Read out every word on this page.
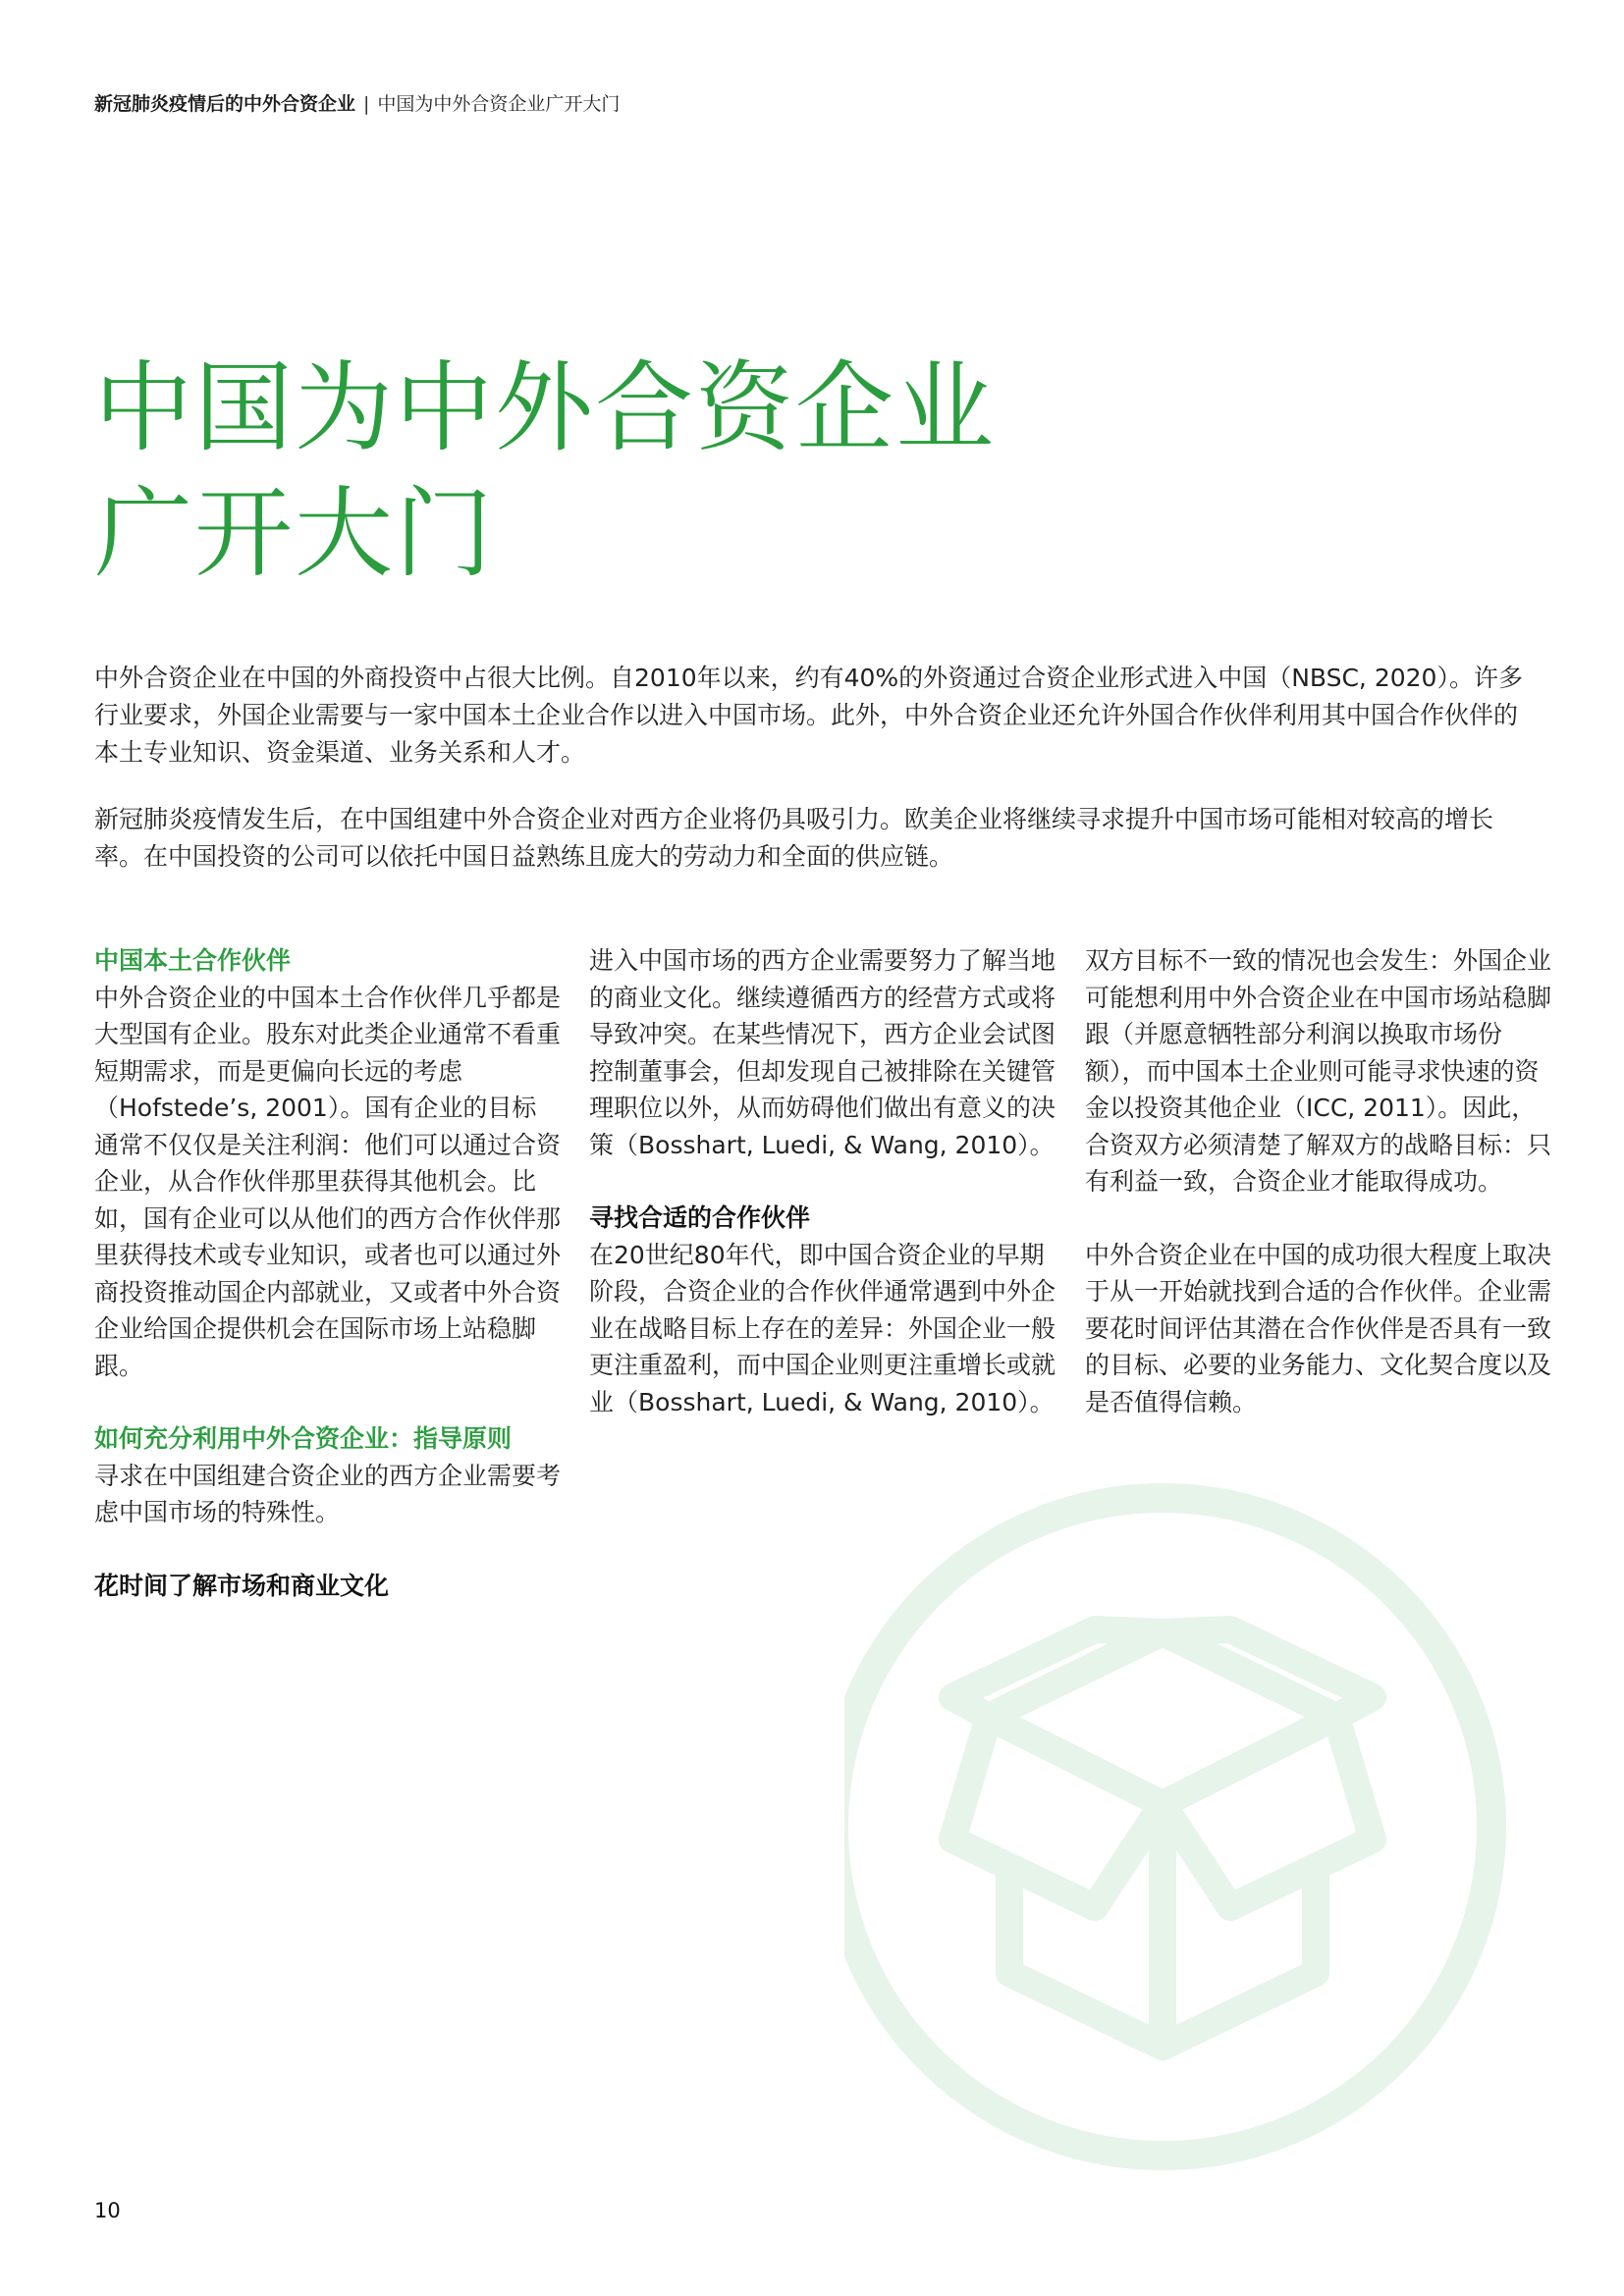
新冠肺炎疫情后的中外合资企业 | 中国为中外合资企业广开大门
中国为中外合资企业
广开大门

中外合资企业在中国的外商投资中占很大比例。自2010年以来，约有40%的外资通过合资企业形式进入中国（NBSC, 2020）。许多行业要求，外国企业需要与一家中国本土企业合作以进入中国市场。此外，中外合资企业还允许外国合作伙伴利用其中国合作伙伴的本土专业知识、资金渠道、业务关系和人才。

新冠肺炎疫情发生后，在中国组建中外合资企业对西方企业将仍具吸引力。欧美企业将继续寻求提升中国市场可能相对较高的增长率。在中国投资的公司可以依托中国日益熟练且庞大的劳动力和全面的供应链。

中国本土合作伙伴

中外合资企业的中国本土合作伙伴几乎都是大型国有企业。股东对此类企业通常不看重短期需求，而是更偏向长远的考虑（Hofstede’s, 2001）。国有企业的目标通常不仅仅是关注利润：他们可以通过合资企业，从合作伙伴那里获得其他机会。比如，国有企业可以从他们的西方合作伙伴那里获得技术或专业知识，或者也可以通过外商投资推动国企内部就业，又或者中外合资企业给国企提供机会在国际市场上站稳脚跟。

如何充分利用中外合资企业：指导原则

寻求在中国组建合资企业的西方企业需要考虑中国市场的特殊性。

花时间了解市场和商业文化

进入中国市场的西方企业需要努力了解当地的商业文化。继续遵循西方的经营方式或将导致冲突。在某些情况下，西方企业会试图控制董事会，但却发现自己被排除在关键管理职位以外，从而妨碍他们做出有意义的决策（Bosshart, Luedi, & Wang, 2010）。

寻找合适的合作伙伴

在20世纪80年代，即中国合资企业的早期阶段，合资企业的合作伙伴通常遇到中外企业在战略目标上存在的差异：外国企业一般更注重盈利，而中国企业则更注重增长或就业（Bosshart, Luedi, & Wang, 2010）。

双方目标不一致的情况也会发生：外国企业可能想利用中外合资企业在中国市场站稳脚跟（并愿意牺牲部分利润以换取市场份额），而中国本土企业则可能寻求快速的资金以投资其他企业（ICC, 2011）。因此，合资双方必须清楚了解双方的战略目标：只有利益一致，合资企业才能取得成功。

中外合资企业在中国的成功很大程度上取决于从一开始就找到合适的合作伙伴。企业需要花时间评估其潜在合作伙伴是否具有一致的目标、必要的业务能力、文化契合度以及是否值得信赖。

10
